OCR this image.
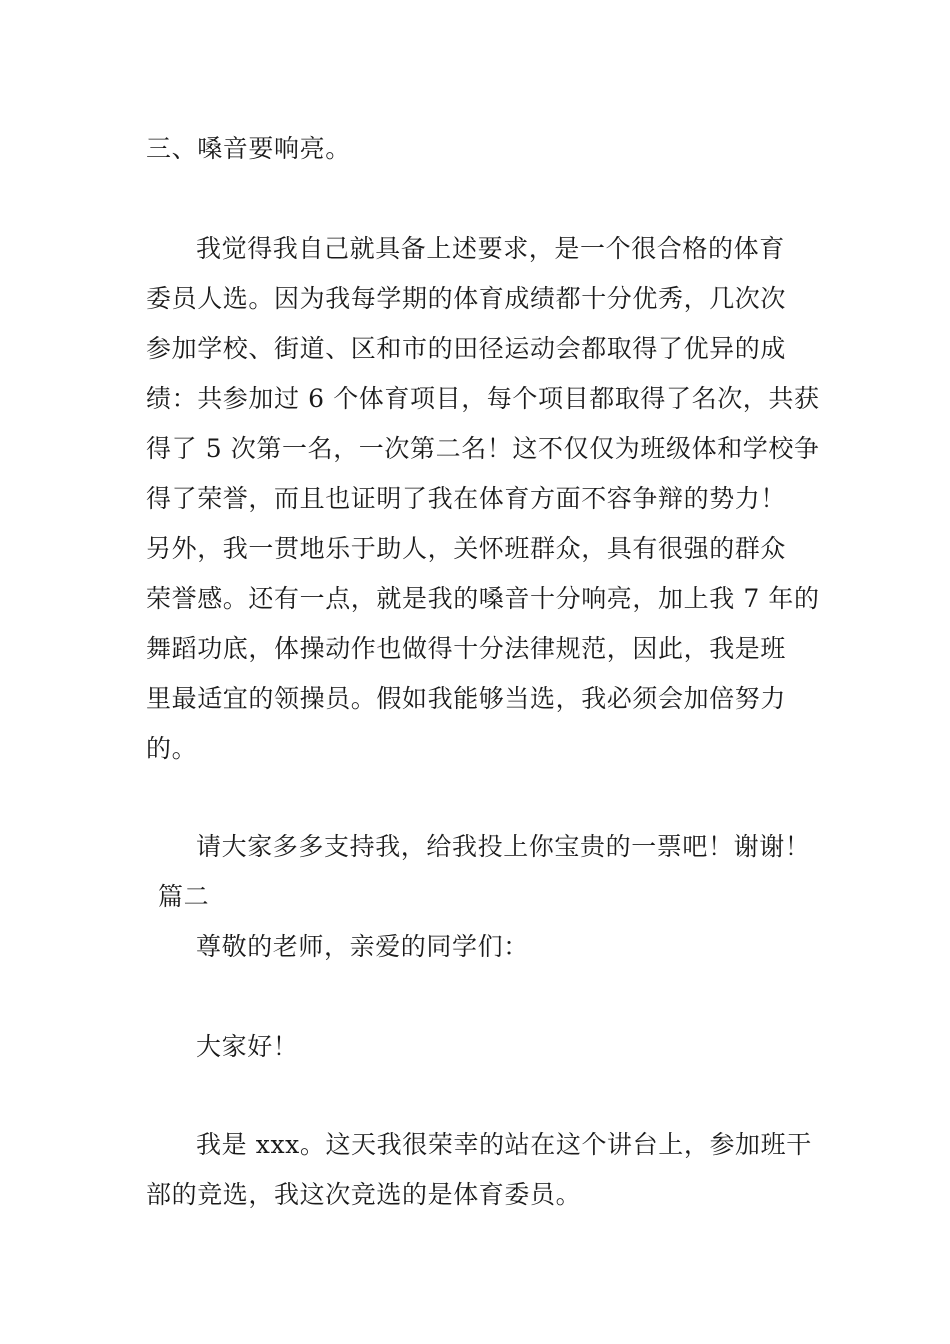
三、嗓音要响亮。
我觉得我自己就具备上述要求，是一个很合格的体育
委员人选。因为我每学期的体育成绩都十分优秀，几次次
参加学校、街道、区和市的田径运动会都取得了优异的成
绩：共参加过 6 个体育项目，每个项目都取得了名次，共获
得了 5 次第一名，一次第二名！这不仅仅为班级体和学校争
得了荣誉，而且也证明了我在体育方面不容争辩的势力！
另外，我一贯地乐于助人，关怀班群众，具有很强的群众
荣誉感。还有一点，就是我的嗓音十分响亮，加上我 7 年的
舞蹈功底，体操动作也做得十分法律规范，因此，我是班
里最适宜的领操员。假如我能够当选，我必须会加倍努力
的。
请大家多多支持我，给我投上你宝贵的一票吧！谢谢！
篇二
尊敬的老师，亲爱的同学们：
大家好！
我是 xxx。这天我很荣幸的站在这个讲台上，参加班干
部的竞选，我这次竞选的是体育委员。
